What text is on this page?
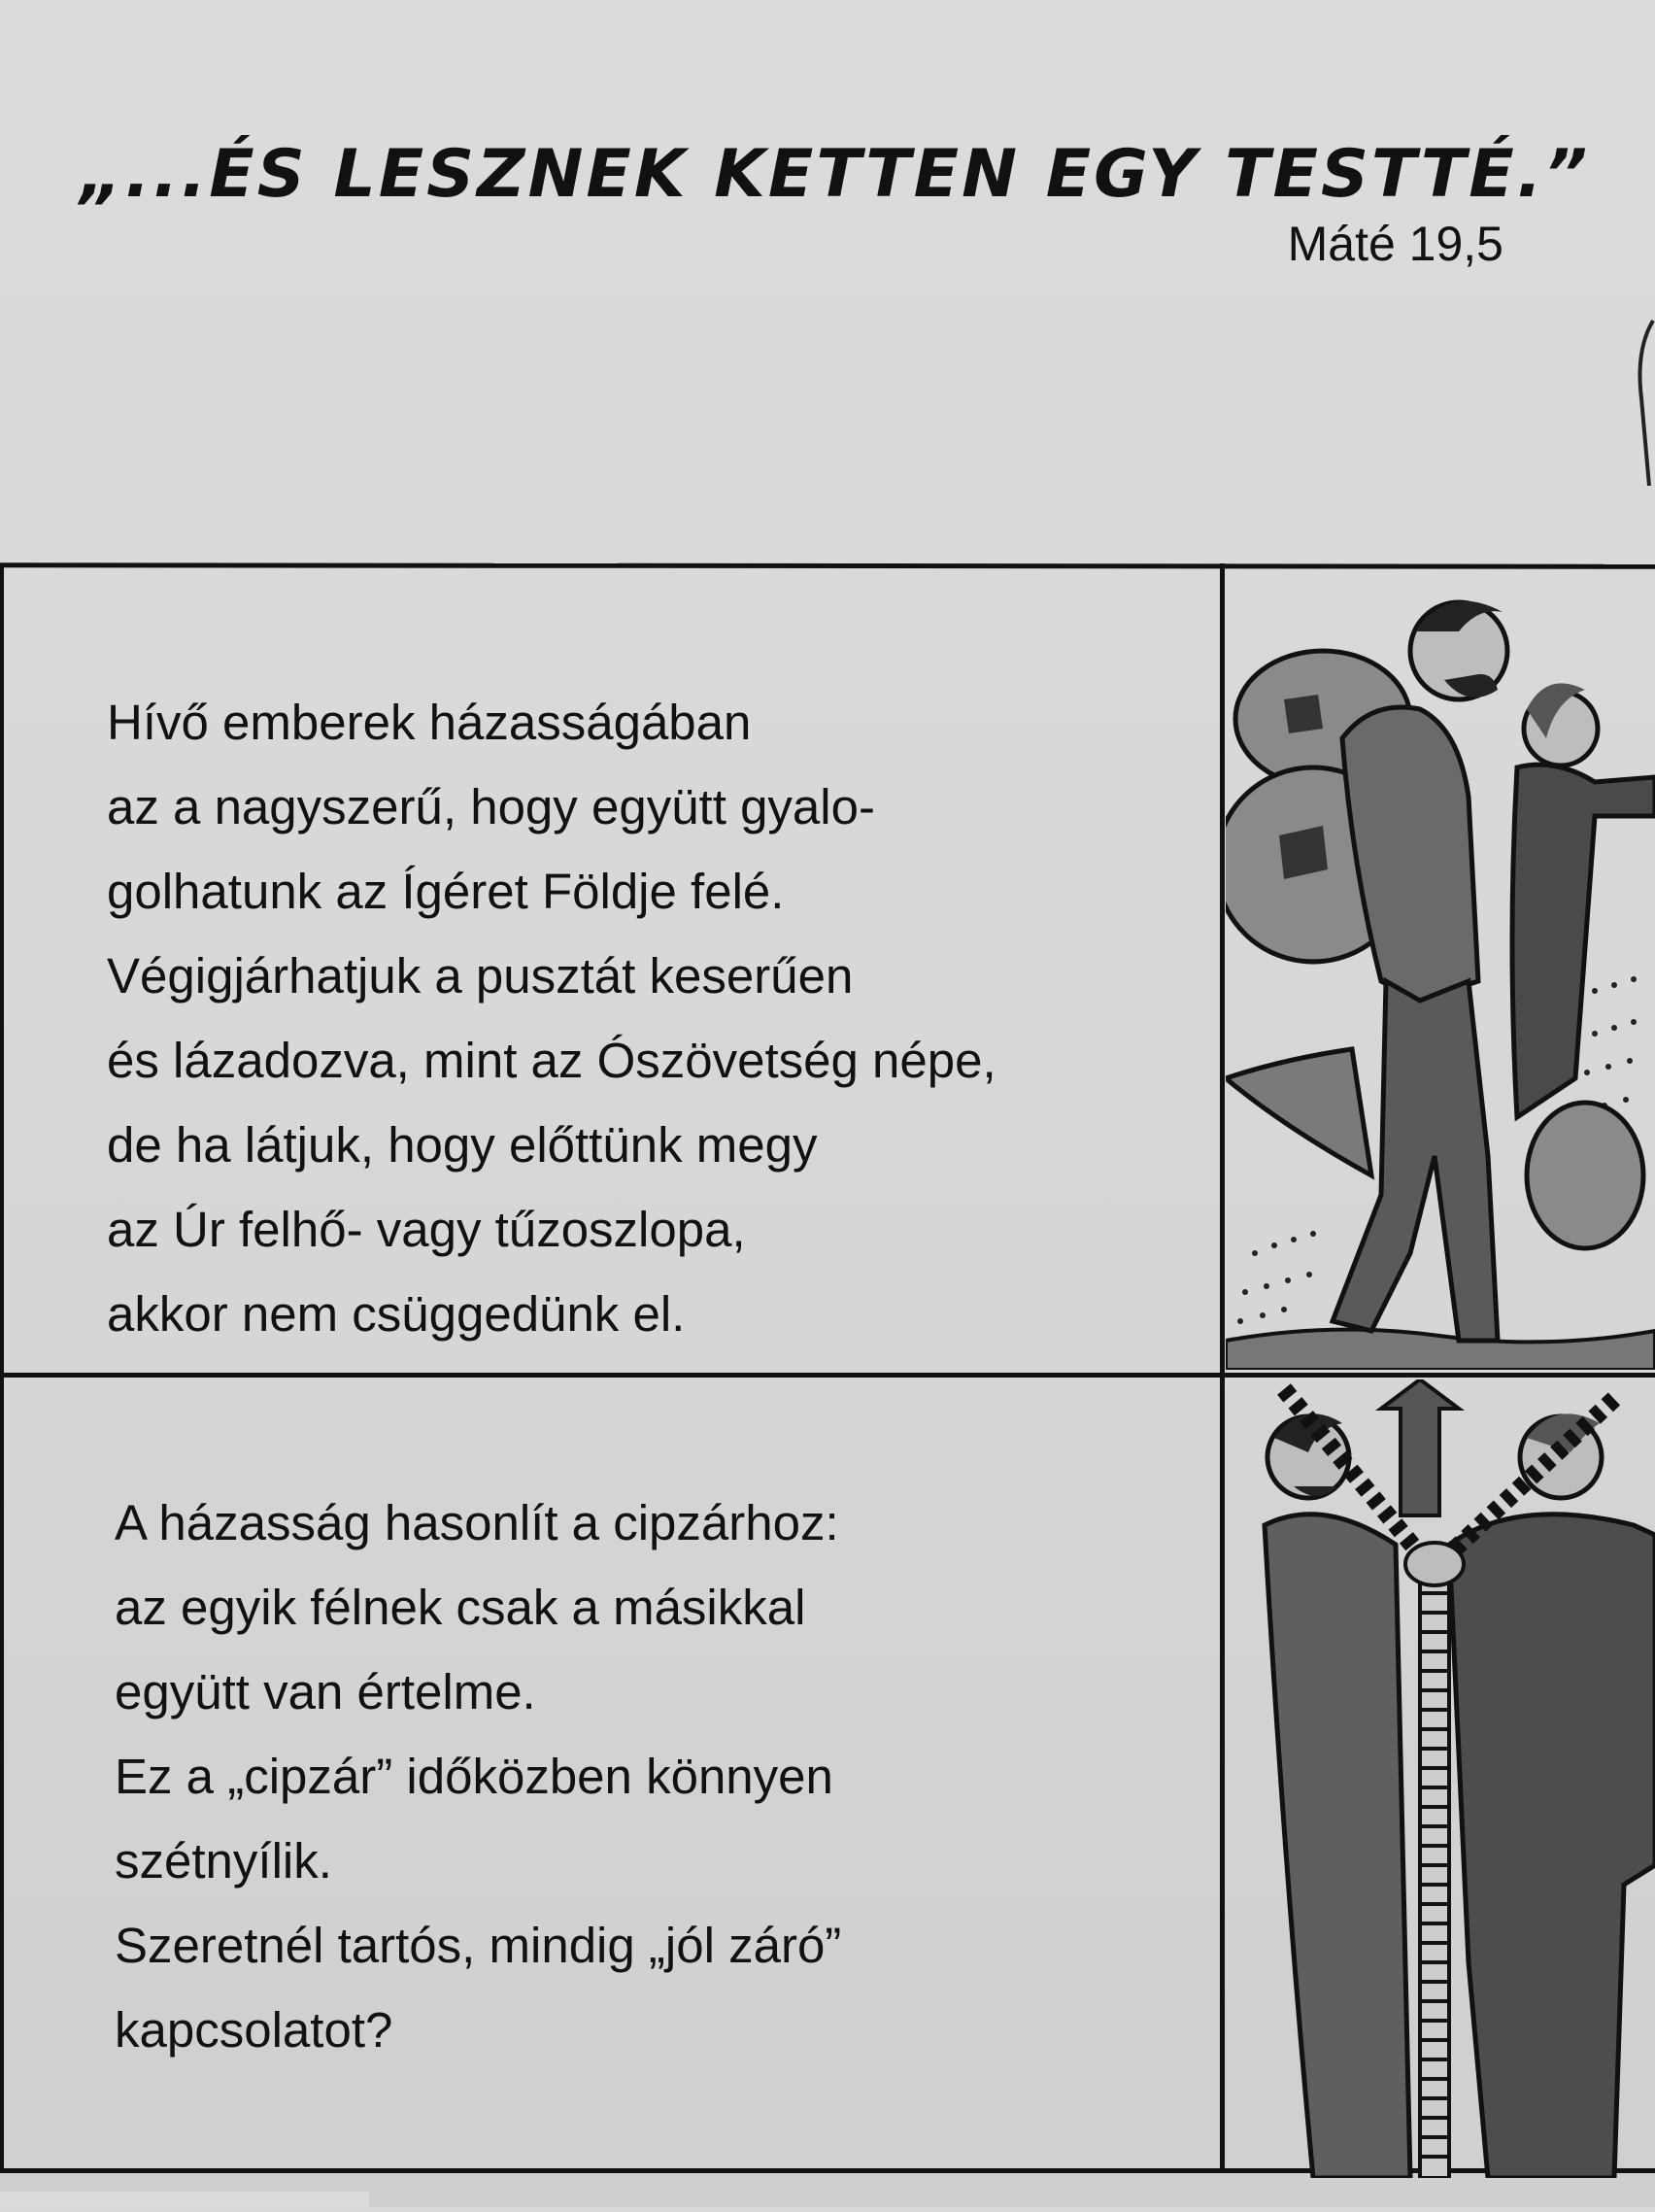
„...ÉS LESZNEK KETTEN EGY TESTTÉ.”
Máté 19,5
Hívő emberek házasságában
az a nagyszerű, hogy együtt gyalo-
golhatunk az Ígéret Földje felé.
Végigjárhatjuk a pusztát keserűen
és lázadozva, mint az Ószövetség népe,
de ha látjuk, hogy előttünk megy
az Úr felhő- vagy tűzoszlopa,
akkor nem csüggedünk el.
A házasság hasonlít a cipzárhoz:
az egyik félnek csak a másikkal
együtt van értelme.
Ez a „cipzár” időközben könnyen
szétnyílik.
Szeretnél tartós, mindig „jól záró”
kapcsolatot?
